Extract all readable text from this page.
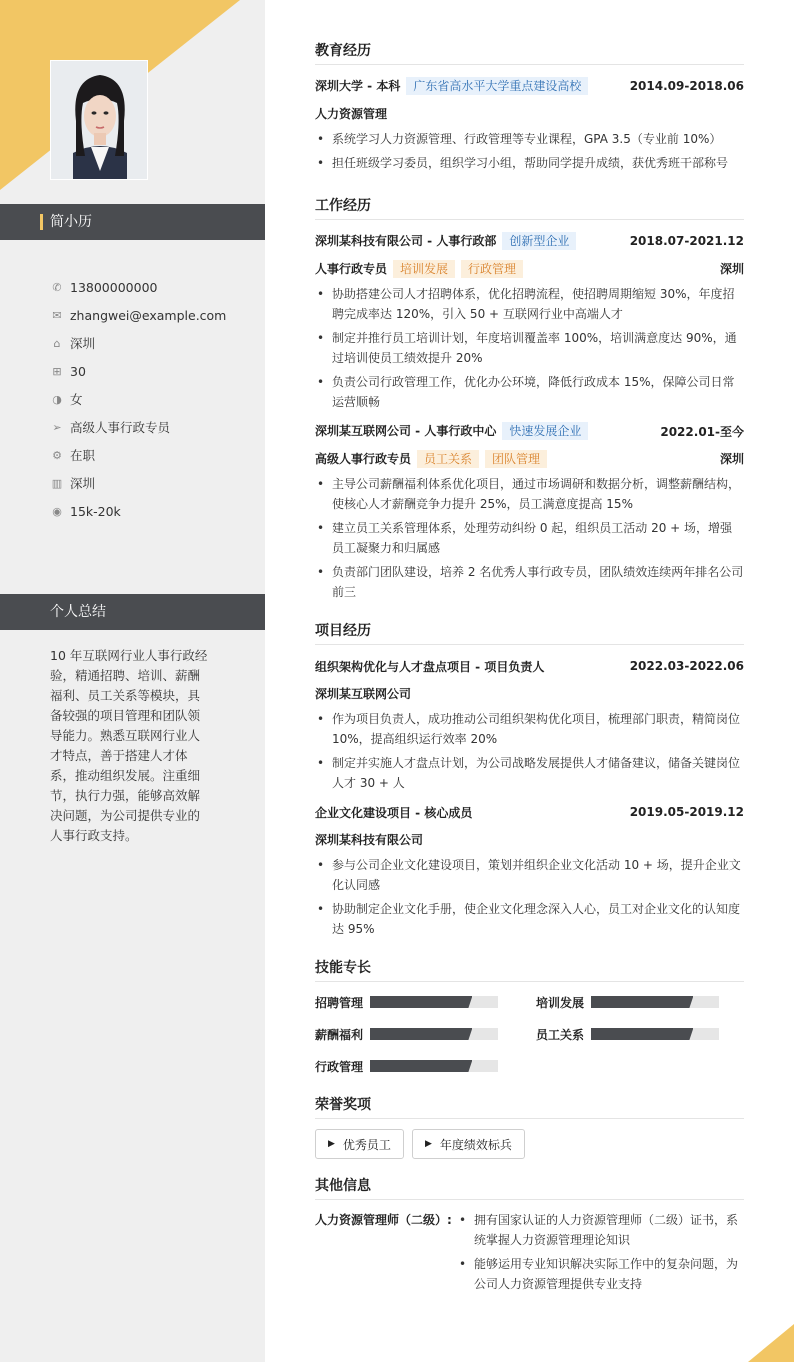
简小历
✆ 13800000000
✉ zhangwei@example.com
⌂ 深圳
⊞ 30
◑ 女
➢ 高级人事行政专员
⚙ 在职
▥ 深圳
◉ 15k-20k
个人总结
10 年互联网行业人事行政经验，精通招聘、培训、薪酬福利、员工关系等模块，具备较强的项目管理和团队领导能力。熟悉互联网行业人才特点，善于搭建人才体系，推动组织发展。注重细节，执行力强，能够高效解决问题，为公司提供专业的人事行政支持。
教育经历
深圳大学 - 本科 广东省高水平大学重点建设高校	2014.09-2018.06
人力资源管理
• 系统学习人力资源管理、行政管理等专业课程，GPA 3.5（专业前 10%）
• 担任班级学习委员，组织学习小组，帮助同学提升成绩，获优秀班干部称号
工作经历
深圳某科技有限公司 - 人事行政部 创新型企业	2018.07-2021.12
人事行政专员 培训发展 行政管理	深圳
• 协助搭建公司人才招聘体系，优化招聘流程，使招聘周期缩短 30%，年度招聘完成率达 120%，引入 50 + 互联网行业中高端人才
• 制定并推行员工培训计划，年度培训覆盖率 100%，培训满意度达 90%，通过培训使员工绩效提升 20%
• 负责公司行政管理工作，优化办公环境，降低行政成本 15%，保障公司日常运营顺畅
深圳某互联网公司 - 人事行政中心 快速发展企业	2022.01-至今
高级人事行政专员 员工关系 团队管理	深圳
• 主导公司薪酬福利体系优化项目，通过市场调研和数据分析，调整薪酬结构，使核心人才薪酬竞争力提升 25%，员工满意度提高 15%
• 建立员工关系管理体系，处理劳动纠纷 0 起，组织员工活动 20 + 场，增强员工凝聚力和归属感
• 负责部门团队建设，培养 2 名优秀人事行政专员，团队绩效连续两年排名公司前三
项目经历
组织架构优化与人才盘点项目 - 项目负责人	2022.03-2022.06
深圳某互联网公司
• 作为项目负责人，成功推动公司组织架构优化项目，梳理部门职责，精简岗位 10%，提高组织运行效率 20%
• 制定并实施人才盘点计划，为公司战略发展提供人才储备建议，储备关键岗位人才 30 + 人
企业文化建设项目 - 核心成员	2019.05-2019.12
深圳某科技有限公司
• 参与公司企业文化建设项目，策划并组织企业文化活动 10 + 场，提升企业文化认同感
• 协助制定企业文化手册，使企业文化理念深入人心，员工对企业文化的认知度达 95%
技能专长
招聘管理	培训发展
薪酬福利	员工关系
行政管理
荣誉奖项
▶ 优秀员工	▶ 年度绩效标兵
其他信息
人力资源管理师（二级）:
•	拥有国家认证的人力资源管理师（二级）证书，系统掌握人力资源管理理论知识
• 能够运用专业知识解决实际工作中的复杂问题，为公司人力资源管理提供专业支持
